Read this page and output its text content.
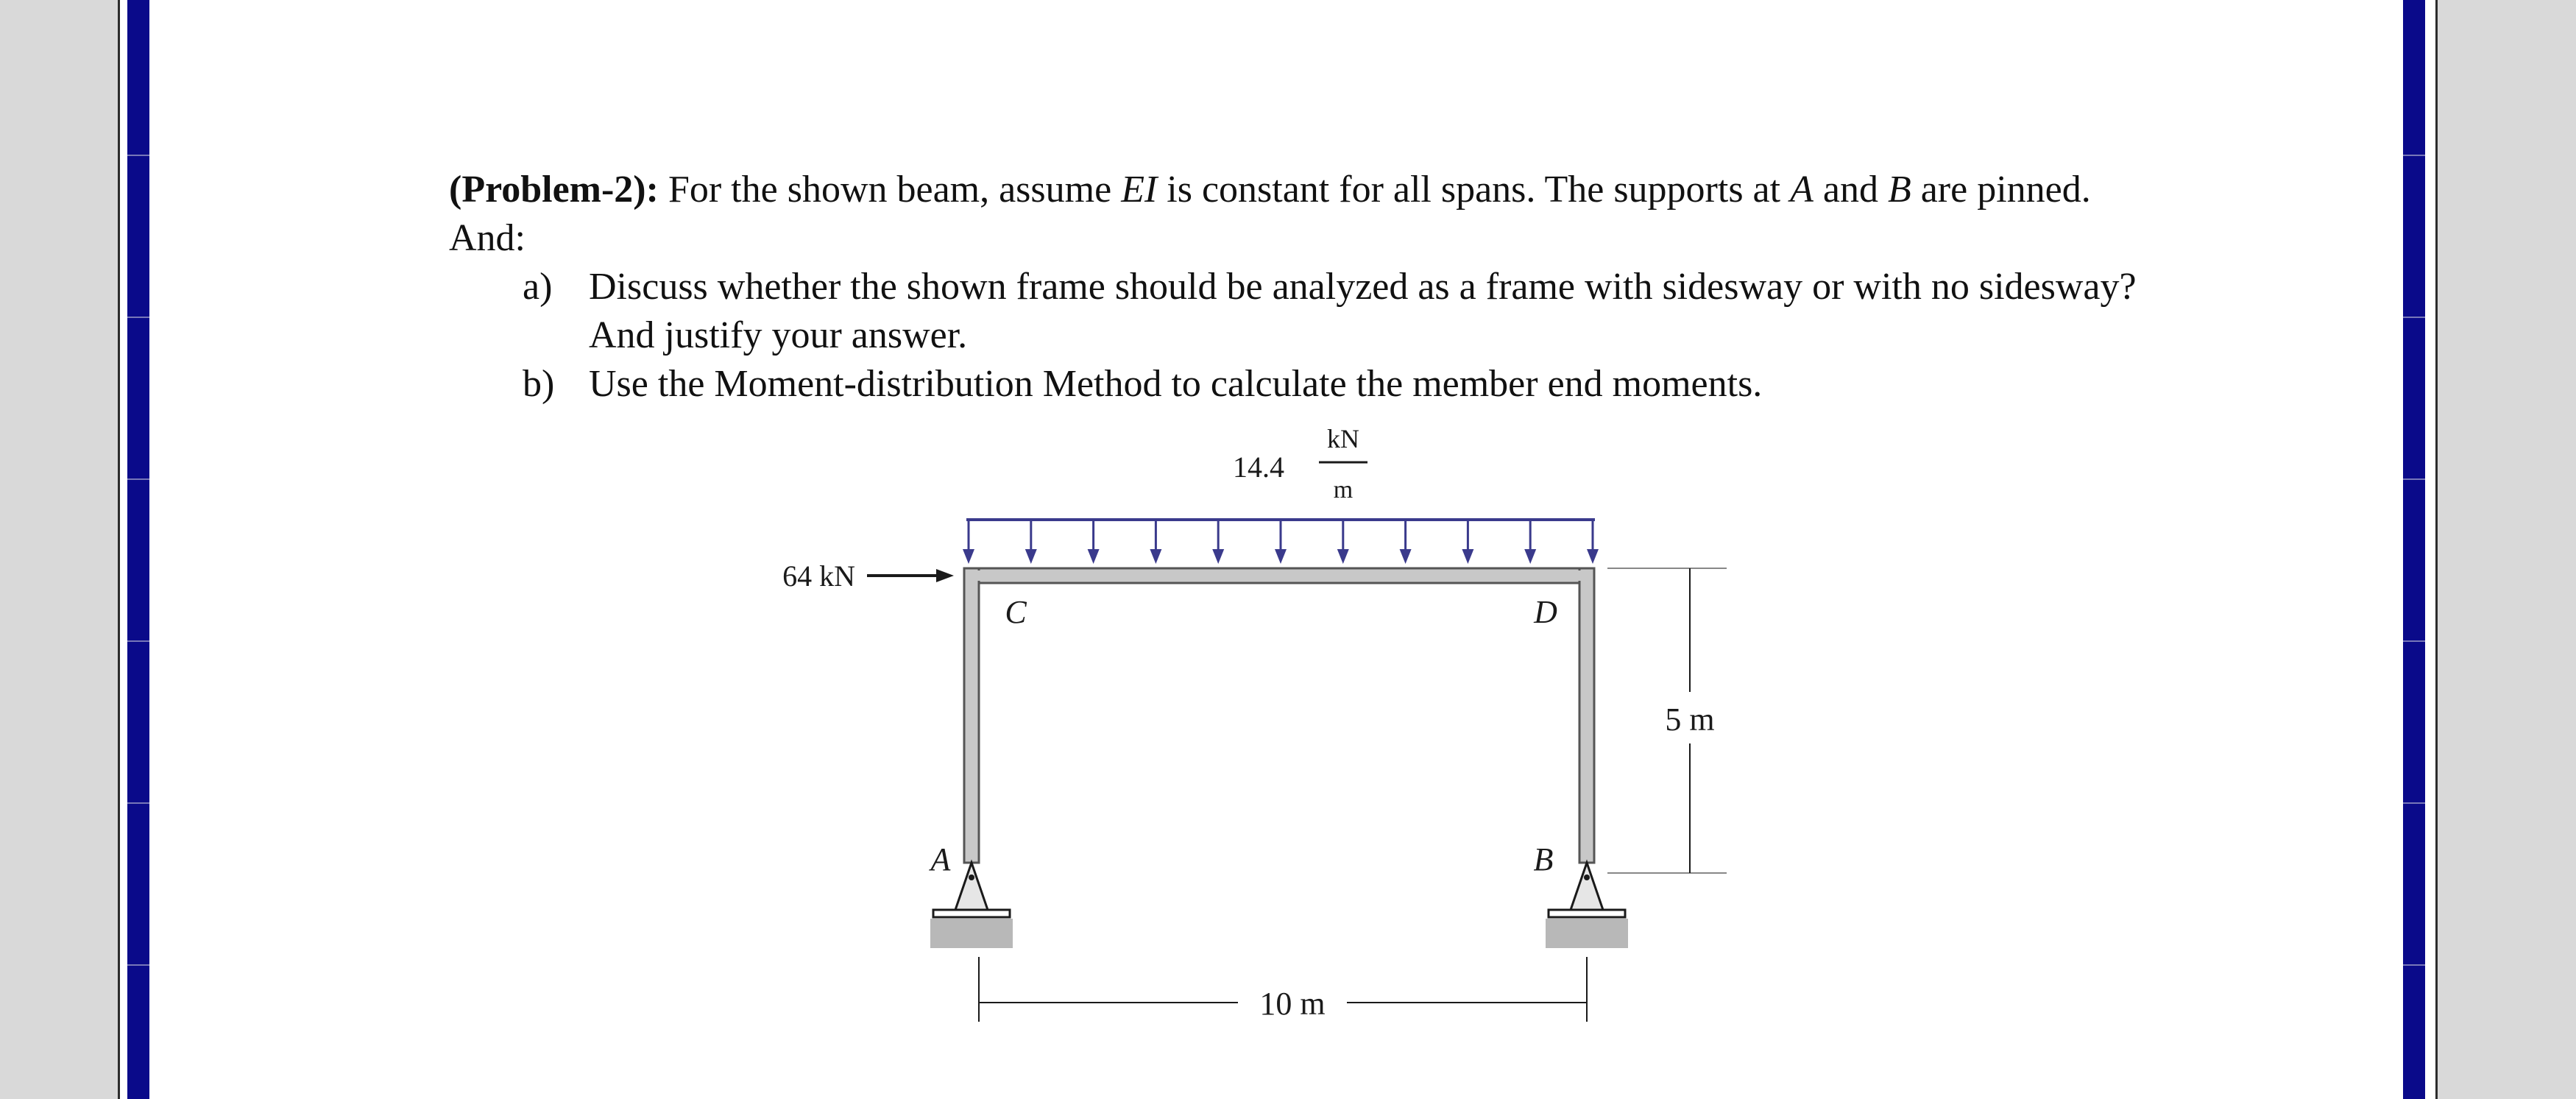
(Problem-2): For the shown beam, assume EI is constant for all spans. The supports at A and B are pinned. And:

a) Discuss whether the shown frame should be analyzed as a frame with sidesway or with no sidesway? And justify your answer.
b) Use the Moment-distribution Method to calculate the member end moments.
14.4
kN
m
64 kN
C	D
A	B
5 m
10 m
